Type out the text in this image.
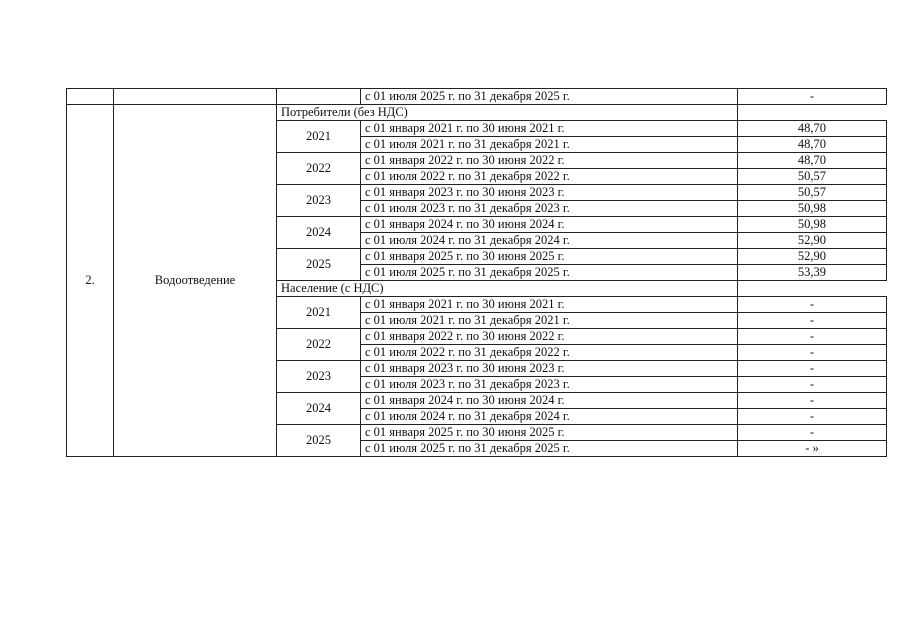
			с 01 июля 2025 г. по 31 декабря 2025 г.	-
2.	Водоотведение	Потребители (без НДС)		
		2021	с 01 января 2021 г. по 30 июня 2021 г.	48,70
			с 01 июля 2021 г. по 31 декабря 2021 г.	48,70
		2022	с 01 января 2022 г. по 30 июня 2022 г.	48,70
			с 01 июля 2022 г. по 31 декабря 2022 г.	50,57
		2023	с 01 января 2023 г. по 30 июня 2023 г.	50,57
			с 01 июля 2023 г. по 31 декабря 2023 г.	50,98
		2024	с 01 января 2024 г. по 30 июня 2024 г.	50,98
			с 01 июля 2024 г. по 31 декабря 2024 г.	52,90
		2025	с 01 января 2025 г. по 30 июня 2025 г.	52,90
			с 01 июля 2025 г. по 31 декабря 2025 г.	53,39
		Население (с НДС)		
		2021	с 01 января 2021 г. по 30 июня 2021 г.	-
			с 01 июля 2021 г. по 31 декабря 2021 г.	-
		2022	с 01 января 2022 г. по 30 июня 2022 г.	-
			с 01 июля 2022 г. по 31 декабря 2022 г.	-
		2023	с 01 января 2023 г. по 30 июня 2023 г.	-
			с 01 июля 2023 г. по 31 декабря 2023 г.	-
		2024	с 01 января 2024 г. по 30 июня 2024 г.	-
			с 01 июля 2024 г. по 31 декабря 2024 г.	-
		2025	с 01 января 2025 г. по 30 июня 2025 г.	-
			с 01 июля 2025 г. по 31 декабря 2025 г.	- »
